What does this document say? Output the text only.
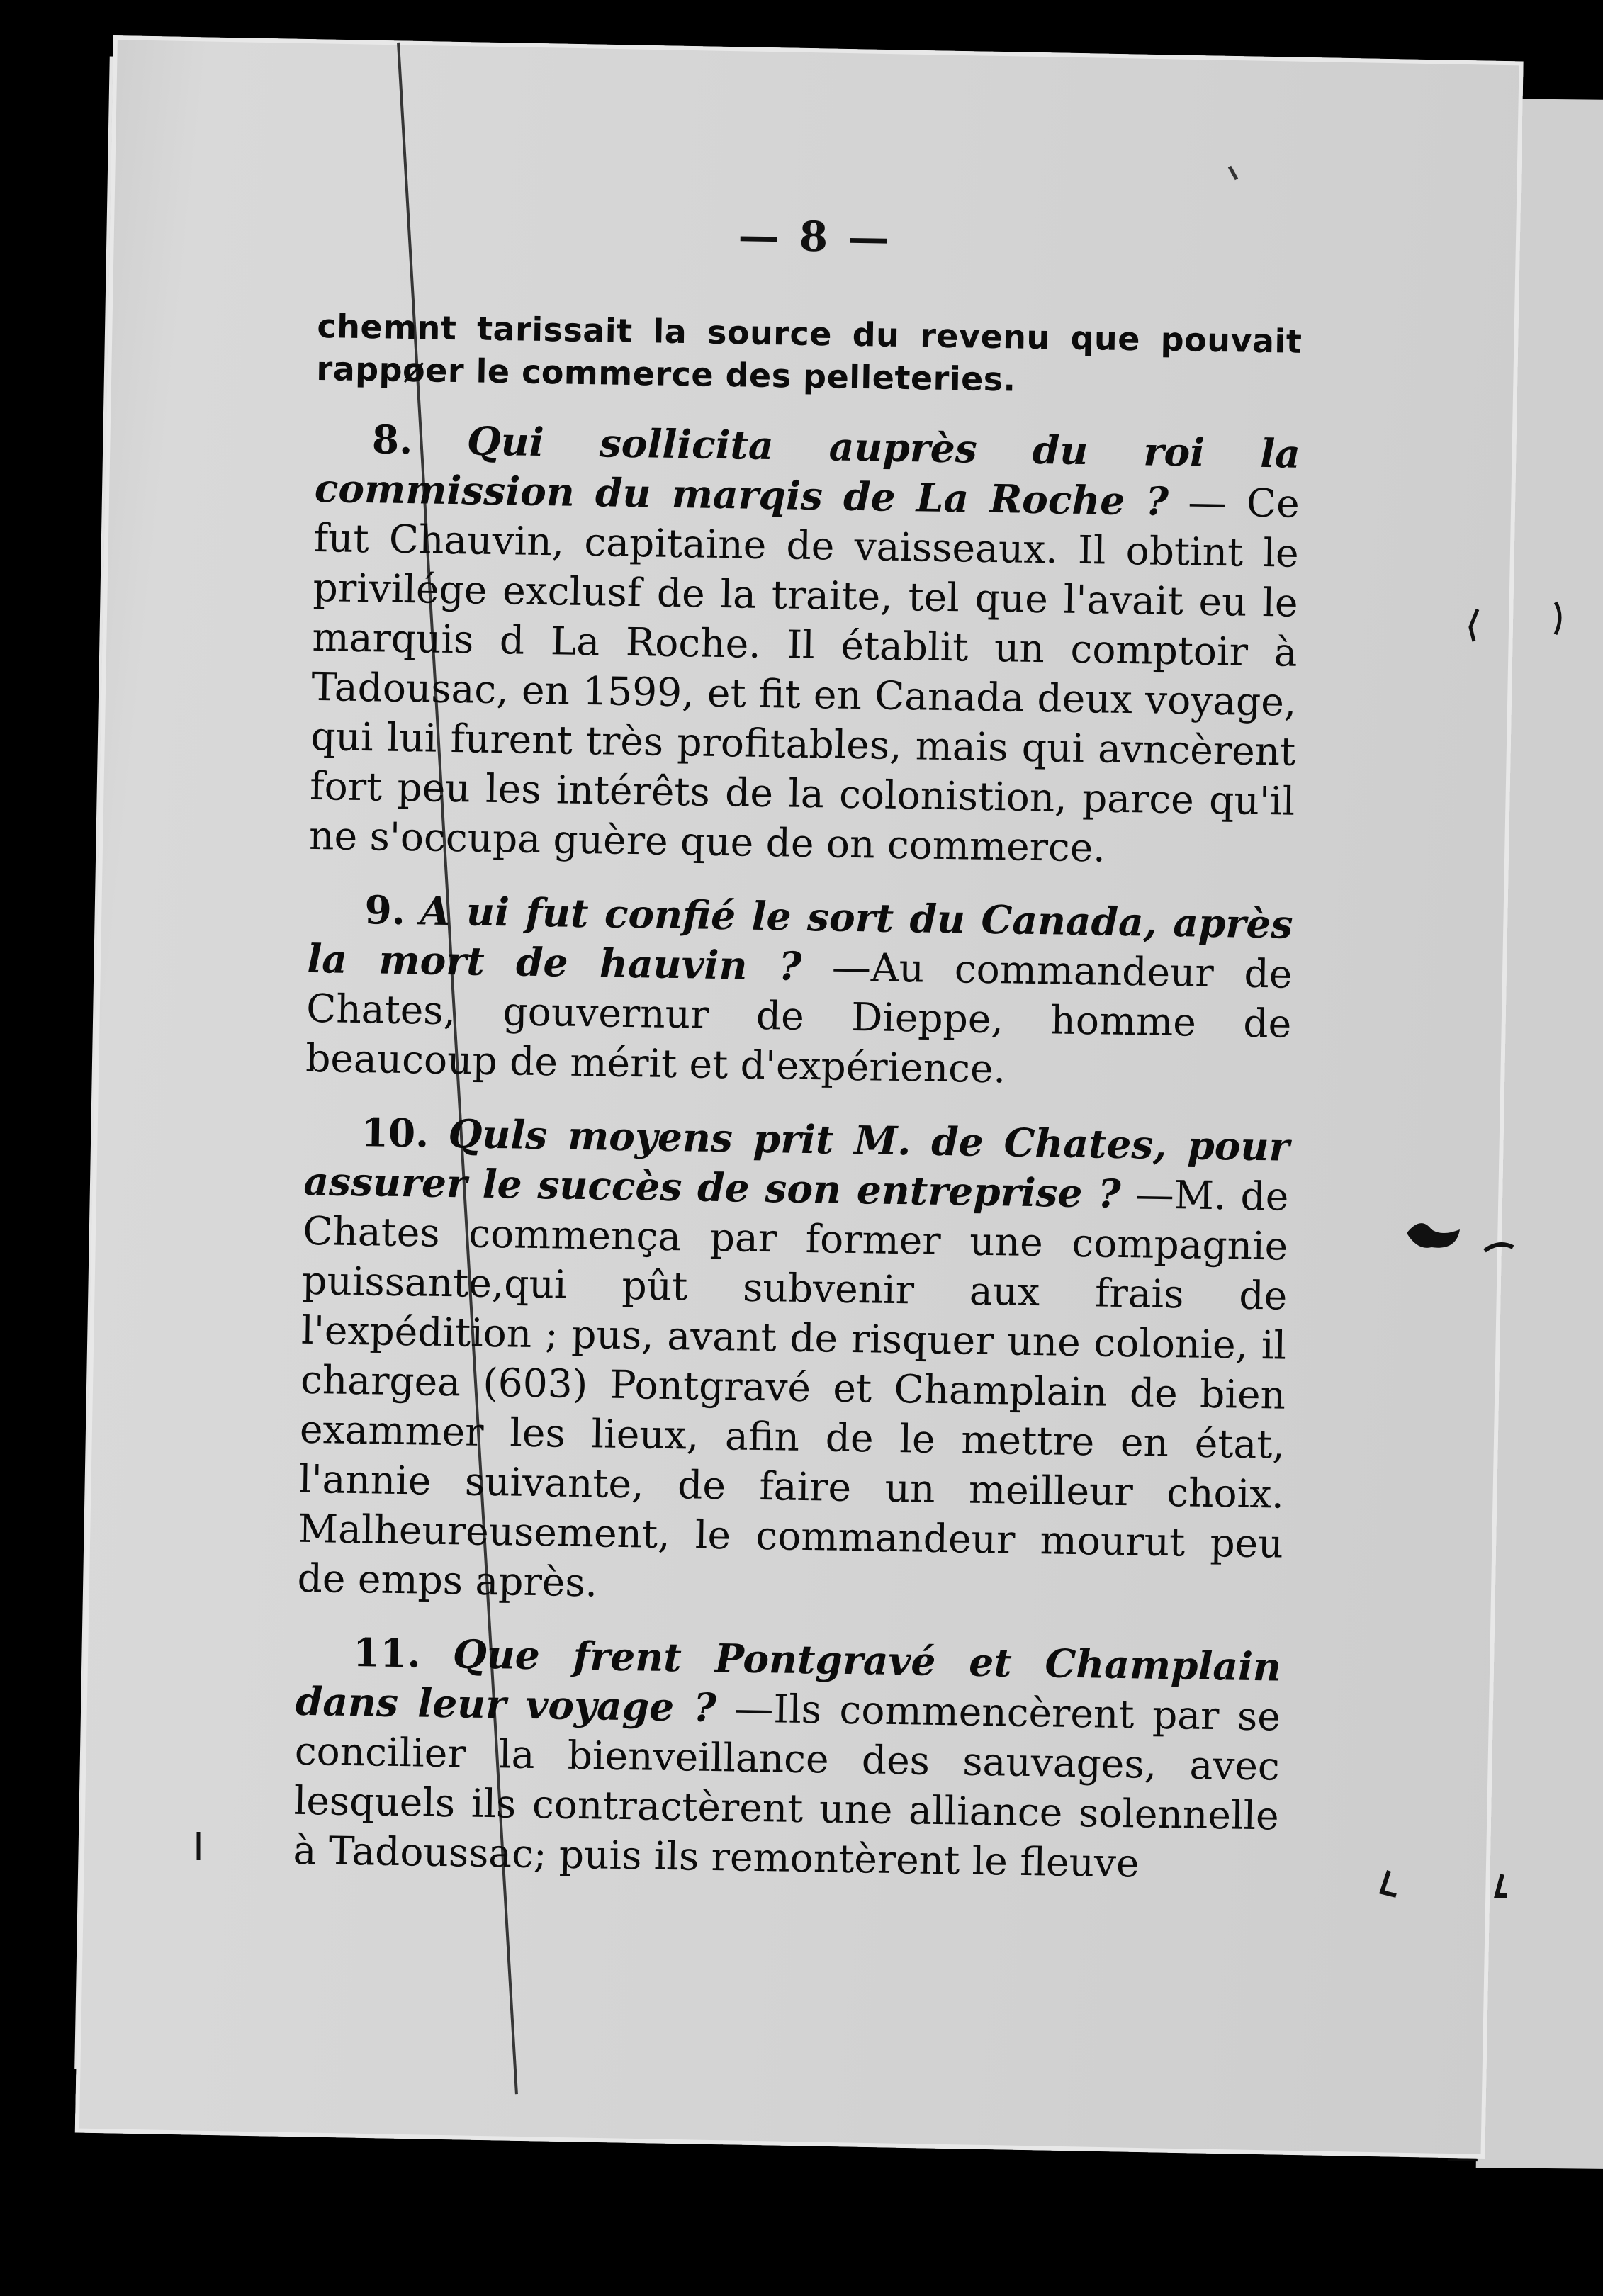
— 8 —

chemnt tarissait la source du revenu que pouvait rappøer le commerce des pelleteries.

8. Qui sollicita auprès du roi la commission du marqis de La Roche ? — Ce fut Chauvin, capitaine de vaisseaux. Il obtint le privilége exclusf de la traite, tel que l'avait eu le marquis d La Roche. Il établit un comptoir à Tadousac, en 1599, et fit en Canada deux voyage, qui lui furent très profitables, mais qui avncèrent fort peu les intérêts de la colonistion, parce qu'il ne s'occupa guère que de on commerce.

9. A ui fut confié le sort du Canada, après la mort de hauvin ? —Au commandeur de Chates, gouvernur de Dieppe, homme de beaucoup de mérit et d'expérience.

10. Quls moyens prit M. de Chates, pour assurer le succès de son entreprise ? —M. de Chates commença par former une compagnie puissante,qui pût subvenir aux frais de l'expédition ; pus, avant de risquer une colonie, il chargea (603) Pontgravé et Champlain de bien exammer les lieux, afin de le mettre en état, l'annie suivante, de faire un meilleur choix. Malheureusement, le commandeur mourut peu de emps après.

11. Que frent Pontgravé et Champlain dans leur voyage ? —Ils commencèrent par se concilier la bienveillance des sauvages, avec lesquels ils contractèrent une alliance solennelle à Tadoussac; puis ils remontèrent le fleuve
